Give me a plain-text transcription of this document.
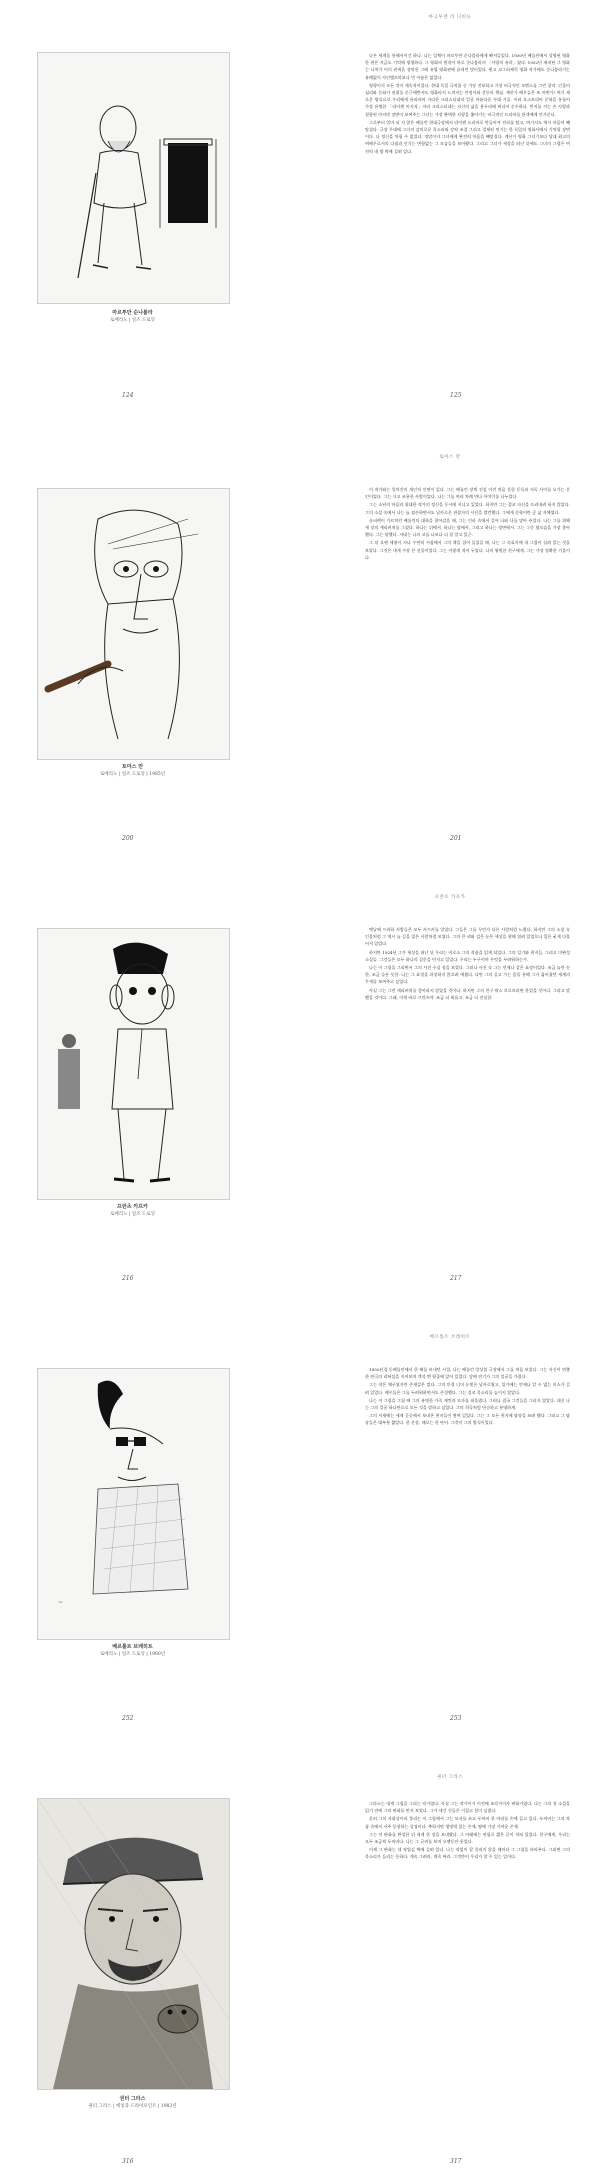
마르투만 순나붐라
로베리노 | 일즈 드로잉
124
마크투엔 라 디비뉴

다른 세계를 통해서이긴 하나, 나는 일찍이 마르투만 순나붐라에게 빠져들었다. 1930년 베를린에서 상영된 영화 한 편은 지금도 기억에 생생하다. 그 영화의 원작이 바로 순나붐라의 「사랑의 유희」였다. 1952년 재작된 그 영화는 나치가 이미 권력을 장악한 그때 유럽 영화관에 끝내린 빛이었다. 원고 코그러케릭 영화 작가에도 순나붐라기는 유례없이 자인텔르마보다 빈 이름은 없었다.

영향이지 모든 것이 세속적이었다. 현대 독일 극작품 중 가장 진보하고 가장 비극적인 모멘스를 그린 창작. 인물의 심리와 문화가 권위를 준근에반서도 영화라서 느껴지는 안정이와 갈등의 책임. 계산가 배우들은 또 어떤가! 여기 새로운 방식으로 우리에게 유리라며 거리한 크리스티네의 얼굴 아름다운 무대 거울. 이러 오스트리아 문학을 통틀어 가장 유명한 「라이겐 이지적」이라 크리스티네는 자신의 삶을 용두리에 버티어 순수하다. 반지를 끼는 손 사랑과 결합된 마지막 장면이 보여주는 그녀는 가장 완벽한 사랑을 쫓아가는 비극적인 드라마를 관객에게 안겨준다.

그로부터 얼마 되 지 않은 베를린 현대극장에서 라이겐 드라마로 만들어져 전파를 탔고, 여기서도 역시 마음이 빼앗겼다. 극장 무대에 그녀의 감미로운 목소리와 강약 조절 그리고 절제된 연기는 한 독일의 영화사에서 기억될 장면이다. 나 정신을 차릴 수 없었다. 정말이지 그녀에게 완전히 마음을 빼앗겼다. 계산가 영화 그녀기보다 당대 최고의 여배우로서의 다짐과 인기는 변함없는 그 모습들을 보아왔다. 그리고 그녀가 세상을 떠난 뒤에도 그녀의 그림은 여전히 내 방 벽에 걸려 있다.

125
토마스 만
로베리노 | 일즈 드로잉 | 1985년
200
토마스 만

이 작가와는 얼마간의 개인적 인연이 있다. 그는 베를린 장벽 건설 이전 처음 흔한 동독과 서독 사이를 오가는 문인이었다. 그는 크고 조용한 사람이었다. 나는 그를 여러 차례 만나 이야기를 나누었다.

그는 소년의 마음과 위대한 작가의 정신을 동시에 지니고 있었다. 하지만 그는 결코 자신을 드러내려 하지 않았다. 그의 소설 속에서 나는 늘 겸손하면서도 날카로운 관찰자의 시선을 발견했다. 그에게 문학이란 곧 삶 자체였다.

슈퍼렌이 가르치던 베를린의 대학을 찾아갔을 때, 그는 인파 속에서 걸어 나와 나를 맞아 주었다. 나는 그를 위해 세 장의 캐리커처를 그렸다. 하나는 뒤에서, 하나는 옆에서, 그리고 하나는 정면에서. 그는 그중 옆모습을 가장 좋아했다. 그는 말했다. 자네는 나의 코를 나보다 더 잘 알고 있군.

그 뒤 오랜 세월이 지나 우연히 서점에서 그의 책을 집어 들었을 때, 나는 그 속표지에 내 그림이 실려 있는 것을 보았다. 그것은 내게 가장 큰 선물이었다. 그는 이렇게 적어 두었다. 나의 영원한 친구에게, 그는 가장 정확한 거울이다.

201
프란츠 카프카
로베리노 | 일즈 드로잉
216
프란츠 카프카

옛날에 프라하 사람들은 모두 카프카를 알았다. 그들은 그를 무언가 다른 사람처럼 느꼈다. 하지만 그의 소설 속 인물처럼 그 역시 늘 길을 잃은 사람처럼 보였다. 그의 큰 귀와 검은 눈은 세상을 향해 열려 있었으나 입은 굳게 다물어져 있었다.

하지만 1924년 그가 세상을 떠난 뒤 우리는 비로소 그의 작품을 읽게 되었다. 그의 일기와 편지들, 그리고 미완성 소설들. 그것들은 모두 하나의 질문을 던지고 있었다. 우리는 누구이며 무엇을 두려워하는가.

나는 이 그림을 그리면서 그의 사진 수십 장을 보았다. 그러나 사진 속 그는 언제나 같은 표정이었다. 조금 놀란 듯한, 조금 슬픈 듯한. 나는 그 표정을 과장하지 않으려 애썼다. 다만 그의 길고 가는 몸을 통해 그가 짊어졌던 세계의 무게를 보여주고 싶었다.

사실 그는 그런 캐리커처를 좋아하지 않았을 것이다. 하지만 그의 친구 막스 브로트라면 웃었을 것이다. 그리고 말했을 것이다. 그래, 이게 바로 프란츠야. 조금 더 외롭고, 조금 더 진실한.

217
~
베르톨트 브레히트
로베리노 | 일즈 드로잉 | 1980년
252
베르톨트 브레히트

1950년경 동베를린에서 한 해를 보내던 시절, 나는 베를린 앙상블 극장에서 그를 처음 보았다. 그는 자신이 연출한 연극의 리허설을 지켜보며 객석 맨 뒷줄에 앉아 있었다. 담배 연기가 그의 얼굴을 가렸다.

그는 작은 체구였지만 존재감은 컸다. 그의 안경 너머 눈빛은 날카로웠고, 입가에는 언제나 알 수 없는 미소가 걸려 있었다. 배우들은 그를 두려워하면서도 존경했다. 그는 결코 목소리를 높이지 않았다.

나는 이 그림을 그릴 때 그의 유명한 가죽 재킷과 모자를 떠올렸다. 그러나 결국 그것들을 그리지 않았다. 대신 나는 그의 얼굴 하나만으로 모든 것을 말하고 싶었다. 그의 희곡처럼 단순하고 분명하게.

그의 서재에는 세계 곳곳에서 보내온 편지들이 쌓여 있었다. 그는 그 모든 편지에 답장을 쓰려 했다. 그리고 그 답장들은 대부분 짧았다. 한 문장, 때로는 한 단어. 그것이 그의 방식이었다.

253
권터 그라스
권터 그라스 | 에칭과 드라이포인트 | 1983년
316
권터 그라스

그라스는 내게 그림을 그리는 작가였다. 사실 그는 작가이기 이전에 조각가이자 판화가였다. 나는 그의 첫 소설을 읽기 전에 그의 판화를 먼저 보았다. 그가 새긴 선들은 거칠고 힘이 넘쳤다.

흔히 그의 자화상이라 불리는 이 그림에서 그는 모자를 쓰고 두꺼비 한 마리를 손에 들고 있다. 두꺼비는 그의 작품 속에서 자주 등장하는 상징이다. 추하지만 생명력 있는 존재, 땅에 가장 가까운 존재.

그는 이 판화를 완성한 뒤 내게 한 장을 보내왔다. 그 아래에는 연필로 짧은 글이 적혀 있었다. 친구에게, 우리는 모두 조금씩 두꺼비다. 나는 그 글귀를 보며 오랫동안 웃었다.

이제 그 판화는 내 작업실 벽에 걸려 있다. 나는 작업이 잘 풀리지 않을 때마다 그 그림을 바라본다. 그러면 그의 목소리가 들리는 듯하다. 계속 그려라, 계속 써라. 그것만이 우리가 할 수 있는 일이다.

317
